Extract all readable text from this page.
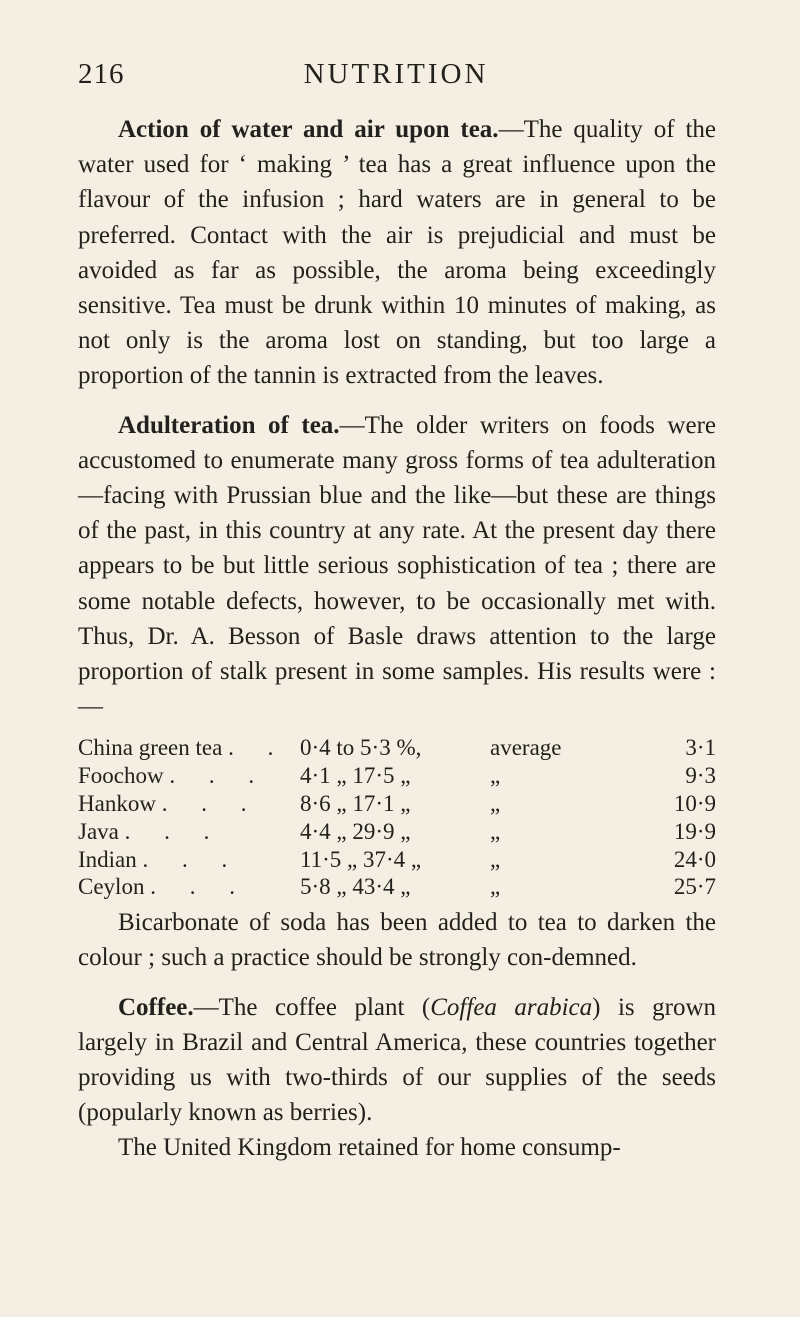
216	NUTRITION

Action of water and air upon tea.—The quality of the water used for ‘ making ’ tea has a great influence upon the flavour of the infusion ; hard waters are in general to be preferred. Contact with the air is prejudicial and must be avoided as far as possible, the aroma being exceedingly sensitive. Tea must be drunk within 10 minutes of making, as not only is the aroma lost on standing, but too large a proportion of the tannin is extracted from the leaves.

Adulteration of tea.—The older writers on foods were accustomed to enumerate many gross forms of tea adulteration—facing with Prussian blue and the like—but these are things of the past, in this country at any rate. At the present day there appears to be but little serious sophistication of tea ; there are some notable defects, however, to be occasionally met with. Thus, Dr. A. Besson of Basle draws attention to the large proportion of stalk present in some samples. His results were :—

China green tea . .	0·4 to 5·3 %,	average	3·1
Foochow . . .	4·1 „ 17·5 „	„	9·3
Hankow . . .	8·6 „ 17·1 „	„	10·9
Java . . .	4·4 „ 29·9 „	„	19·9
Indian . . .	11·5 „ 37·4 „	„	24·0
Ceylon . . .	5·8 „ 43·4 „	„	25·7

Bicarbonate of soda has been added to tea to darken the colour ; such a practice should be strongly con-demned.

Coffee.—The coffee plant (Coffea arabica) is grown largely in Brazil and Central America, these countries together providing us with two-thirds of our supplies of the seeds (popularly known as berries).

The United Kingdom retained for home consump-
